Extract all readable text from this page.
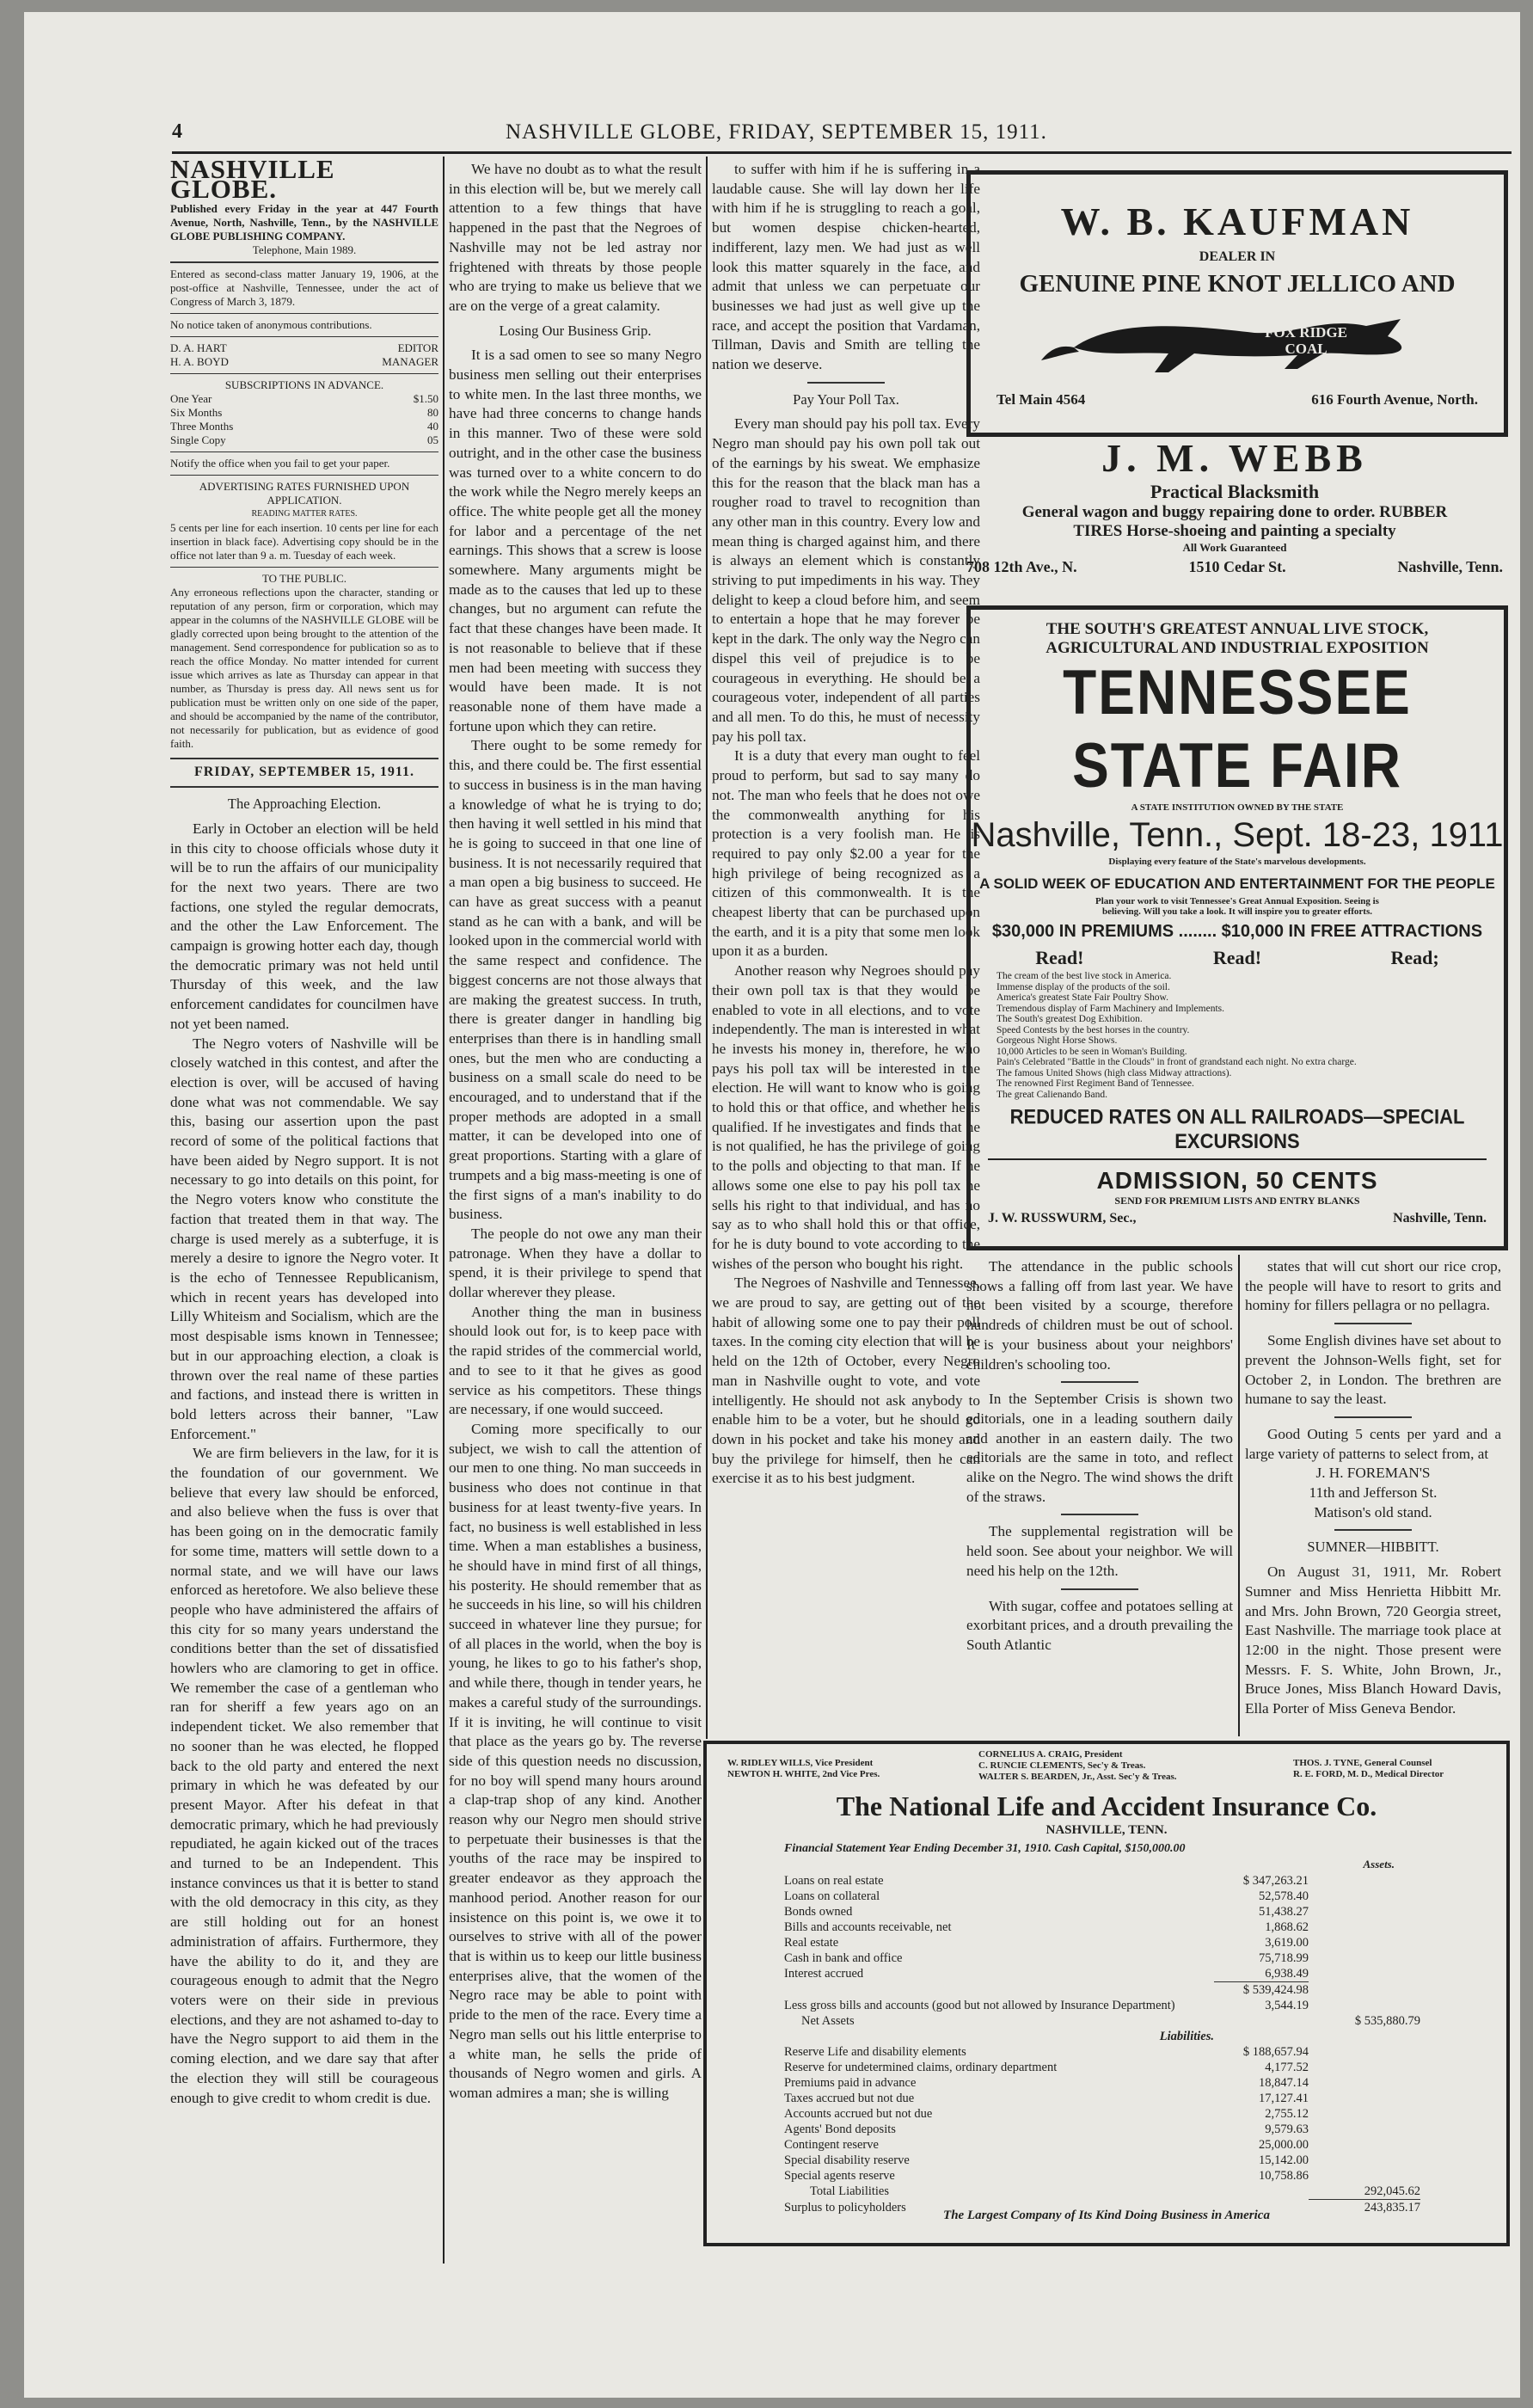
4	NASHVILLE GLOBE, FRIDAY, SEPTEMBER 15, 1911.
NASHVILLE GLOBE.

Published every Friday in the year at 447 Fourth Avenue, North, Nashville, Tenn., by the NASHVILLE GLOBE PUBLISHING COMPANY.

Telephone, Main 1989.

Entered as second-class matter January 19, 1906, at the post-office at Nashville, Tennessee, under the act of Congress of March 3, 1879.

No notice taken of anonymous contributions.

D. A. HART	EDITOR
H. A. BOYD	MANAGER

SUBSCRIPTIONS IN ADVANCE.

One Year	$1.50
Six Months	80
Three Months	40
Single Copy	05

Notify the office when you fail to get your paper.

ADVERTISING RATES FURNISHED UPON APPLICATION.

READING MATTER RATES.

5 cents per line for each insertion. 10 cents per line for each insertion in black face). Advertising copy should be in the office not later than 9 a. m. Tuesday of each week.

TO THE PUBLIC.

Any erroneous reflections upon the character, standing or reputation of any person, firm or corporation, which may appear in the columns of the NASHVILLE GLOBE will be gladly corrected upon being brought to the attention of the management. Send correspondence for publication so as to reach the office Monday. No matter intended for current issue which arrives as late as Thursday can appear in that number, as Thursday is press day. All news sent us for publication must be written only on one side of the paper, and should be accompanied by the name of the contributor, not necessarily for publication, but as evidence of good faith.

FRIDAY, SEPTEMBER 15, 1911.

The Approaching Election.

Early in October an election will be held in this city to choose officials whose duty it will be to run the affairs of our municipality for the next two years. There are two factions, one styled the regular democrats, and the other the Law Enforcement. The campaign is growing hotter each day, though the democratic primary was not held until Thursday of this week, and the law enforcement candidates for councilmen have not yet been named.

The Negro voters of Nashville will be closely watched in this contest, and after the election is over, will be accused of having done what was not commendable. We say this, basing our assertion upon the past record of some of the political factions that have been aided by Negro support. It is not necessary to go into details on this point, for the Negro voters know who constitute the faction that treated them in that way. The charge is used merely as a subterfuge, it is merely a desire to ignore the Negro voter. It is the echo of Tennessee Republicanism, which in recent years has developed into Lilly Whiteism and Socialism, which are the most despisable isms known in Tennessee; but in our approaching election, a cloak is thrown over the real name of these parties and factions, and instead there is written in bold letters across their banner, "Law Enforcement."

We are firm believers in the law, for it is the foundation of our government. We believe that every law should be enforced, and also believe when the fuss is over that has been going on in the democratic family for some time, matters will settle down to a normal state, and we will have our laws enforced as heretofore. We also believe these people who have administered the affairs of this city for so many years understand the conditions better than the set of dissatisfied howlers who are clamoring to get in office. We remember the case of a gentleman who ran for sheriff a few years ago on an independent ticket. We also remember that no sooner than he was elected, he flopped back to the old party and entered the next primary in which he was defeated by our present Mayor. After his defeat in that democratic primary, which he had previously repudiated, he again kicked out of the traces and turned to be an Independent. This instance convinces us that it is better to stand with the old democracy in this city, as they are still holding out for an honest administration of affairs. Furthermore, they have the ability to do it, and they are courageous enough to admit that the Negro voters were on their side in previous elections, and they are not ashamed to-day to have the Negro support to aid them in the coming election, and we dare say that after the election they will still be courageous enough to give credit to whom credit is due.

We have no doubt as to what the result in this election will be, but we merely call attention to a few things that have happened in the past that the Negroes of Nashville may not be led astray nor frightened with threats by those people who are trying to make us believe that we are on the verge of a great calamity.

Losing Our Business Grip.

It is a sad omen to see so many Negro business men selling out their enterprises to white men. In the last three months, we have had three concerns to change hands in this manner. Two of these were sold outright, and in the other case the business was turned over to a white concern to do the work while the Negro merely keeps an office. The white people get all the money for labor and a percentage of the net earnings. This shows that a screw is loose somewhere. Many arguments might be made as to the causes that led up to these changes, but no argument can refute the fact that these changes have been made. It is not reasonable to believe that if these men had been meeting with success they would have been made. It is not reasonable none of them have made a fortune upon which they can retire.

There ought to be some remedy for this, and there could be. The first essential to success in business is in the man having a knowledge of what he is trying to do; then having it well settled in his mind that he is going to succeed in that one line of business. It is not necessarily required that a man open a big business to succeed. He can have as great success with a peanut stand as he can with a bank, and will be looked upon in the commercial world with the same respect and confidence. The biggest concerns are not those always that are making the greatest success. In truth, there is greater danger in handling big enterprises than there is in handling small ones, but the men who are conducting a business on a small scale do need to be encouraged, and to understand that if the proper methods are adopted in a small matter, it can be developed into one of great proportions. Starting with a glare of trumpets and a big mass-meeting is one of the first signs of a man's inability to do business.

The people do not owe any man their patronage. When they have a dollar to spend, it is their privilege to spend that dollar wherever they please.

Another thing the man in business should look out for, is to keep pace with the rapid strides of the commercial world, and to see to it that he gives as good service as his competitors. These things are necessary, if one would succeed.

Coming more specifically to our subject, we wish to call the attention of our men to one thing. No man succeeds in business who does not continue in that business for at least twenty-five years. In fact, no business is well established in less time. When a man establishes a business, he should have in mind first of all things, his posterity. He should remember that as he succeeds in his line, so will his children succeed in whatever line they pursue; for of all places in the world, when the boy is young, he likes to go to his father's shop, and while there, though in tender years, he makes a careful study of the surroundings. If it is inviting, he will continue to visit that place as the years go by. The reverse side of this question needs no discussion, for no boy will spend many hours around a clap-trap shop of any kind. Another reason why our Negro men should strive to perpetuate their businesses is that the youths of the race may be inspired to greater endeavor as they approach the manhood period. Another reason for our insistence on this point is, we owe it to ourselves to strive with all of the power that is within us to keep our little business enterprises alive, that the women of the Negro race may be able to point with pride to the men of the race. Every time a Negro man sells out his little enterprise to a white man, he sells the pride of thousands of Negro women and girls. A woman admires a man; she is willing

to suffer with him if he is suffering in a laudable cause. She will lay down her life with him if he is struggling to reach a goal, but women despise chicken-hearted, indifferent, lazy men. We had just as well look this matter squarely in the face, and admit that unless we can perpetuate our businesses we had just as well give up the race, and accept the position that Vardaman, Tillman, Davis and Smith are telling the nation we deserve.

Pay Your Poll Tax.

Every man should pay his poll tax. Every Negro man should pay his own poll tak out of the earnings by his sweat. We emphasize this for the reason that the black man has a rougher road to travel to recognition than any other man in this country. Every low and mean thing is charged against him, and there is always an element which is constantly striving to put impediments in his way. They delight to keep a cloud before him, and seem to entertain a hope that he may forever be kept in the dark. The only way the Negro can dispel this veil of prejudice is to be courageous in everything. He should be a courageous voter, independent of all parties and all men. To do this, he must of necessity pay his poll tax.

It is a duty that every man ought to feel proud to perform, but sad to say many do not. The man who feels that he does not owe the commonwealth anything for his protection is a very foolish man. He is required to pay only $2.00 a year for the high privilege of being recognized as a citizen of this commonwealth. It is the cheapest liberty that can be purchased upon the earth, and it is a pity that some men look upon it as a burden.

Another reason why Negroes should pay their own poll tax is that they would be enabled to vote in all elections, and to vote independently. The man is interested in what he invests his money in, therefore, he who pays his poll tax will be interested in the election. He will want to know who is going to hold this or that office, and whether he is qualified. If he investigates and finds that he is not qualified, he has the privilege of going to the polls and objecting to that man. If he allows some one else to pay his poll tax he sells his right to that individual, and has no say as to who shall hold this or that office, for he is duty bound to vote according to the wishes of the person who bought his right.

The Negroes of Nashville and Tennessee, we are proud to say, are getting out of the habit of allowing some one to pay their poll taxes. In the coming city election that will be held on the 12th of October, every Negro man in Nashville ought to vote, and vote intelligently. He should not ask anybody to enable him to be a voter, but he should go down in his pocket and take his money and buy the privilege for himself, then he can exercise it as to his best judgment.

W. B. KAUFMAN
DEALER IN
GENUINE PINE KNOT JELLICO AND
FOX RIDGE COAL
Tel Main 4564	616 Fourth Avenue, North.
J. M. WEBB
Practical Blacksmith
General wagon and buggy repairing done to order. RUBBER
TIRES Horse-shoeing and painting a specialty
All Work Guaranteed
708 12th Ave., N.	1510 Cedar St.	Nashville, Tenn.
THE SOUTH'S GREATEST ANNUAL LIVE STOCK,
AGRICULTURAL AND INDUSTRIAL EXPOSITION
TENNESSEE STATE FAIR
A STATE INSTITUTION OWNED BY THE STATE
Nashville, Tenn., Sept. 18-23, 1911
Displaying every feature of the State's marvelous developments.
A SOLID WEEK OF EDUCATION AND ENTERTAINMENT FOR THE PEOPLE
Plan your work to visit Tennessee's Great Annual Exposition. Seeing is
believing. Will you take a look. It will inspire you to greater efforts.
$30,000 IN PREMIUMS ........ $10,000 IN FREE ATTRACTIONS
Read!	Read!	Read;
The cream of the best live stock in America.
Immense display of the products of the soil.
America's greatest State Fair Poultry Show.
Tremendous display of Farm Machinery and Implements.
The South's greatest Dog Exhibition.
Speed Contests by the best horses in the country.
Gorgeous Night Horse Shows.
10,000 Articles to be seen in Woman's Building.
Pain's Celebrated "Battle in the Clouds" in front of grandstand each night. No extra charge.
The famous United Shows (high class Midway attractions).
The renowned First Regiment Band of Tennessee.
The great Calienando Band.
REDUCED RATES ON ALL RAILROADS—SPECIAL EXCURSIONS
ADMISSION, 50 CENTS
SEND FOR PREMIUM LISTS AND ENTRY BLANKS
J. W. RUSSWURM, Sec.,	Nashville, Tenn.

The attendance in the public schools shows a falling off from last year. We have not been visited by a scourge, therefore hundreds of children must be out of school. It is your business about your neighbors' children's schooling too.

In the September Crisis is shown two editorials, one in a leading southern daily and another in an eastern daily. The two editorials are the same in toto, and reflect alike on the Negro. The wind shows the drift of the straws.

The supplemental registration will be held soon. See about your neighbor. We will need his help on the 12th.

With sugar, coffee and potatoes selling at exorbitant prices, and a drouth prevailing the South Atlantic

states that will cut short our rice crop, the people will have to resort to grits and hominy for fillers pellagra or no pellagra.

Some English divines have set about to prevent the Johnson-Wells fight, set for October 2, in London. The brethren are humane to say the least.

Good Outing 5 cents per yard and a large variety of patterns to select from, at

J. H. FOREMAN'S
11th and Jefferson St.
Matison's old stand.

SUMNER—HIBBITT.

On August 31, 1911, Mr. Robert Sumner and Miss Henrietta Hibbitt Mr. and Mrs. John Brown, 720 Georgia street, East Nashville. The marriage took place at 12:00 in the night. Those present were Messrs. F. S. White, John Brown, Jr., Bruce Jones, Miss Blanch Howard Davis, Ella Porter of Miss Geneva Bendor.

W. RIDLEY WILLS, Vice President
NEWTON H. WHITE, 2nd Vice Pres.
CORNELIUS A. CRAIG, President
C. RUNCIE CLEMENTS, Sec'y & Treas.
WALTER S. BEARDEN, Jr., Asst. Sec'y & Treas.
THOS. J. TYNE, General Counsel
R. E. FORD, M. D., Medical Director
The National Life and Accident Insurance Co.
NASHVILLE, TENN.
Financial Statement Year Ending December 31, 1910. Cash Capital, $150,000.00
Assets.
Loans on real estate	$ 347,263.21	
Loans on collateral	52,578.40	
Bonds owned	51,438.27	
Bills and accounts receivable, net	1,868.62	
Real estate	3,619.00	
Cash in bank and office	75,718.99	
Interest accrued	6,938.49	
	$ 539,424.98	
Less gross bills and accounts (good but not allowed by Insurance Department)	3,544.19	
Net Assets		$ 535,880.79
Liabilities.		
Reserve Life and disability elements	$ 188,657.94	
Reserve for undetermined claims, ordinary department	4,177.52	
Premiums paid in advance	18,847.14	
Taxes accrued but not due	17,127.41	
Accounts accrued but not due	2,755.12	
Agents' Bond deposits	9,579.63	
Contingent reserve	25,000.00	
Special disability reserve	15,142.00	
Special agents reserve	10,758.86	
Total Liabilities		292,045.62
Surplus to policyholders		243,835.17
The Largest Company of Its Kind Doing Business in America
